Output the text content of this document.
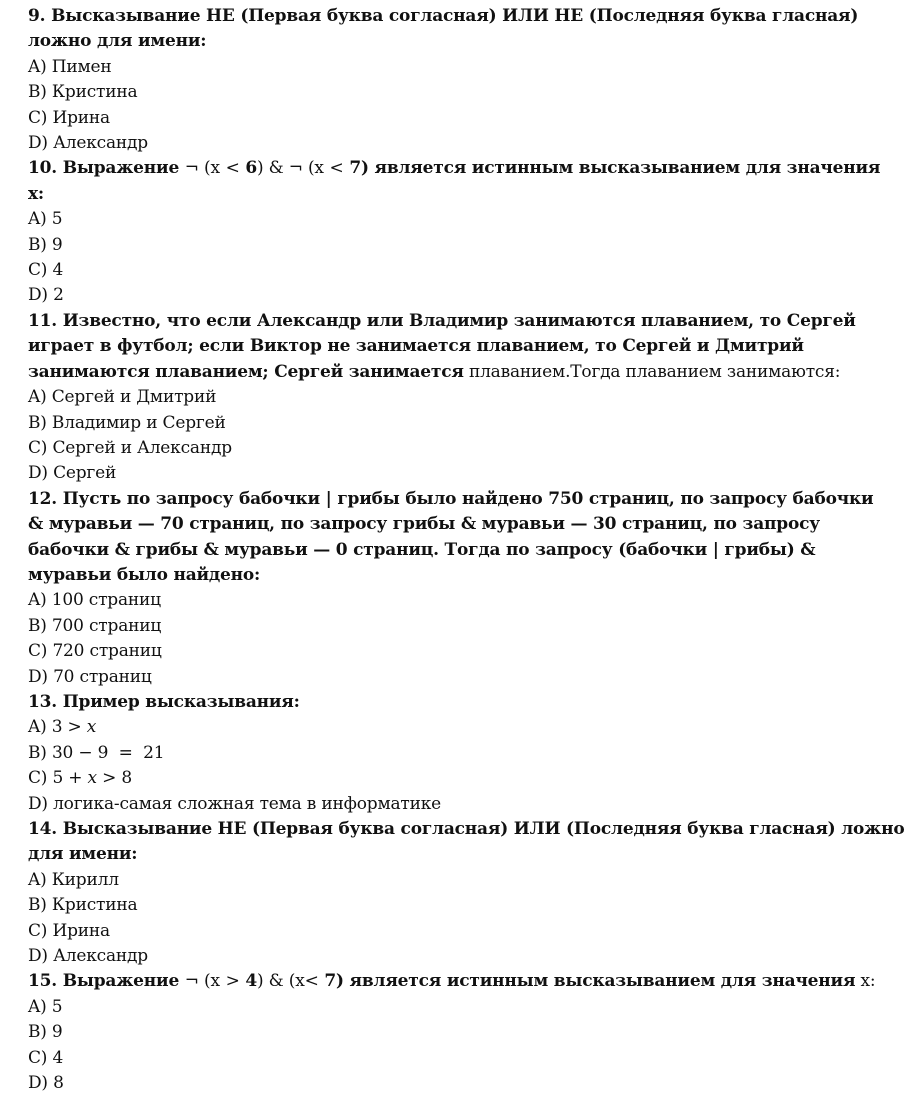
9. Высказывание НЕ (Первая буква согласная) ИЛИ НЕ (Последняя буква гласная)
ложно для имени:
A) Пимен
B) Кристина
C) Ирина
D) Александр
10. Выражение ¬ (x < 6) & ¬ (x < 7) является истинным высказыванием для значения
x:
A) 5
B) 9
C) 4
D) 2
11. Известно, что если Александр или Владимир занимаются плаванием, то Сергей
играет в футбол; если Виктор не занимается плаванием, то Сергей и Дмитрий
занимаются плаванием; Сергей занимается плаванием.Тогда плаванием занимаются:
A) Сергей и Дмитрий
B) Владимир и Сергей
C) Сергей и Александр
D) Сергей
12. Пусть по запросу бабочки | грибы было найдено 750 страниц, по запросу бабочки
& муравьи — 70 страниц, по запросу грибы & муравьи — 30 страниц, по запросу
бабочки & грибы & муравьи — 0 страниц. Тогда по запросу (бабочки | грибы) &
муравьи было найдено:
A) 100 страниц
B) 700 страниц
C) 720 страниц
D) 70 страниц
13. Пример высказывания:
A) 3 > 𝑥
B) 30 − 9  =  21
C) 5 + 𝑥 > 8
D) логика-самая сложная тема в информатике
14. Высказывание НЕ (Первая буква согласная) ИЛИ (Последняя буква гласная) ложно
для имени:
A) Кирилл
B) Кристина
C) Ирина
D) Александр
15. Выражение ¬ (x > 4) & (x< 7) является истинным высказыванием для значения x:
A) 5
B) 9
C) 4
D) 8
